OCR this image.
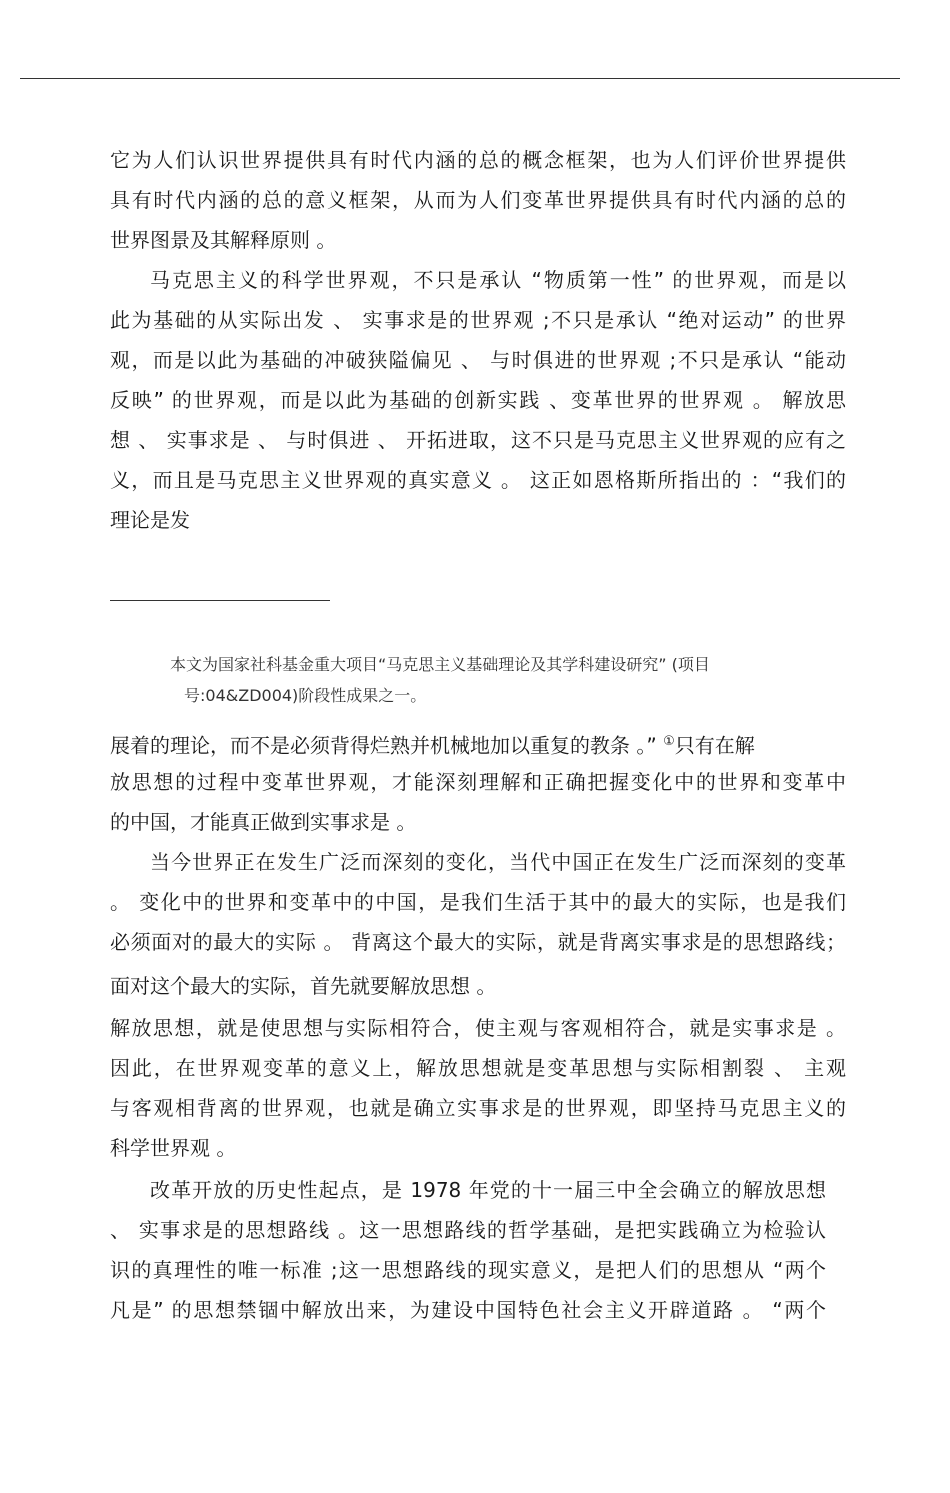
它为人们认识世界提供具有时代内涵的总的概念框架，也为人们评价世界提供
具有时代内涵的总的意义框架，从而为人们变革世界提供具有时代内涵的总的
世界图景及其解释原则 。
马克思主义的科学世界观，不只是承认 “物质第一性” 的世界观，而是以
此为基础的从实际出发 、 实事求是的世界观 ;不只是承认 “绝对运动” 的世界
观，而是以此为基础的冲破狭隘偏见 、 与时俱进的世界观 ;不只是承认 “能动
反映” 的世界观，而是以此为基础的创新实践 、变革世界的世界观 。 解放思
想 、 实事求是 、 与时俱进 、 开拓进取，这不只是马克思主义世界观的应有之
义，而且是马克思主义世界观的真实意义 。 这正如恩格斯所指出的 ：“我们的
理论是发
本文为国家社科基金重大项目“马克思主义基础理论及其学科建设研究” (项目
号:04&ZD004)阶段性成果之一。
展着的理论，而不是必须背得烂熟并机械地加以重复的教条 。” ①只有在解
放思想的过程中变革世界观，才能深刻理解和正确把握变化中的世界和变革中
的中国，才能真正做到实事求是 。
当今世界正在发生广泛而深刻的变化，当代中国正在发生广泛而深刻的变革
。 变化中的世界和变革中的中国，是我们生活于其中的最大的实际，也是我们
必须面对的最大的实际 。 背离这个最大的实际，就是背离实事求是的思想路线；
面对这个最大的实际，首先就要解放思想 。
解放思想，就是使思想与实际相符合，使主观与客观相符合，就是实事求是 。
因此，在世界观变革的意义上，解放思想就是变革思想与实际相割裂 、 主观
与客观相背离的世界观，也就是确立实事求是的世界观，即坚持马克思主义的
科学世界观 。
改革开放的历史性起点，是 1978 年党的十一届三中全会确立的解放思想
、 实事求是的思想路线 。这一思想路线的哲学基础，是把实践确立为检验认
识的真理性的唯一标准 ;这一思想路线的现实意义，是把人们的思想从 “两个
凡是” 的思想禁锢中解放出来，为建设中国特色社会主义开辟道路 。 “两个
